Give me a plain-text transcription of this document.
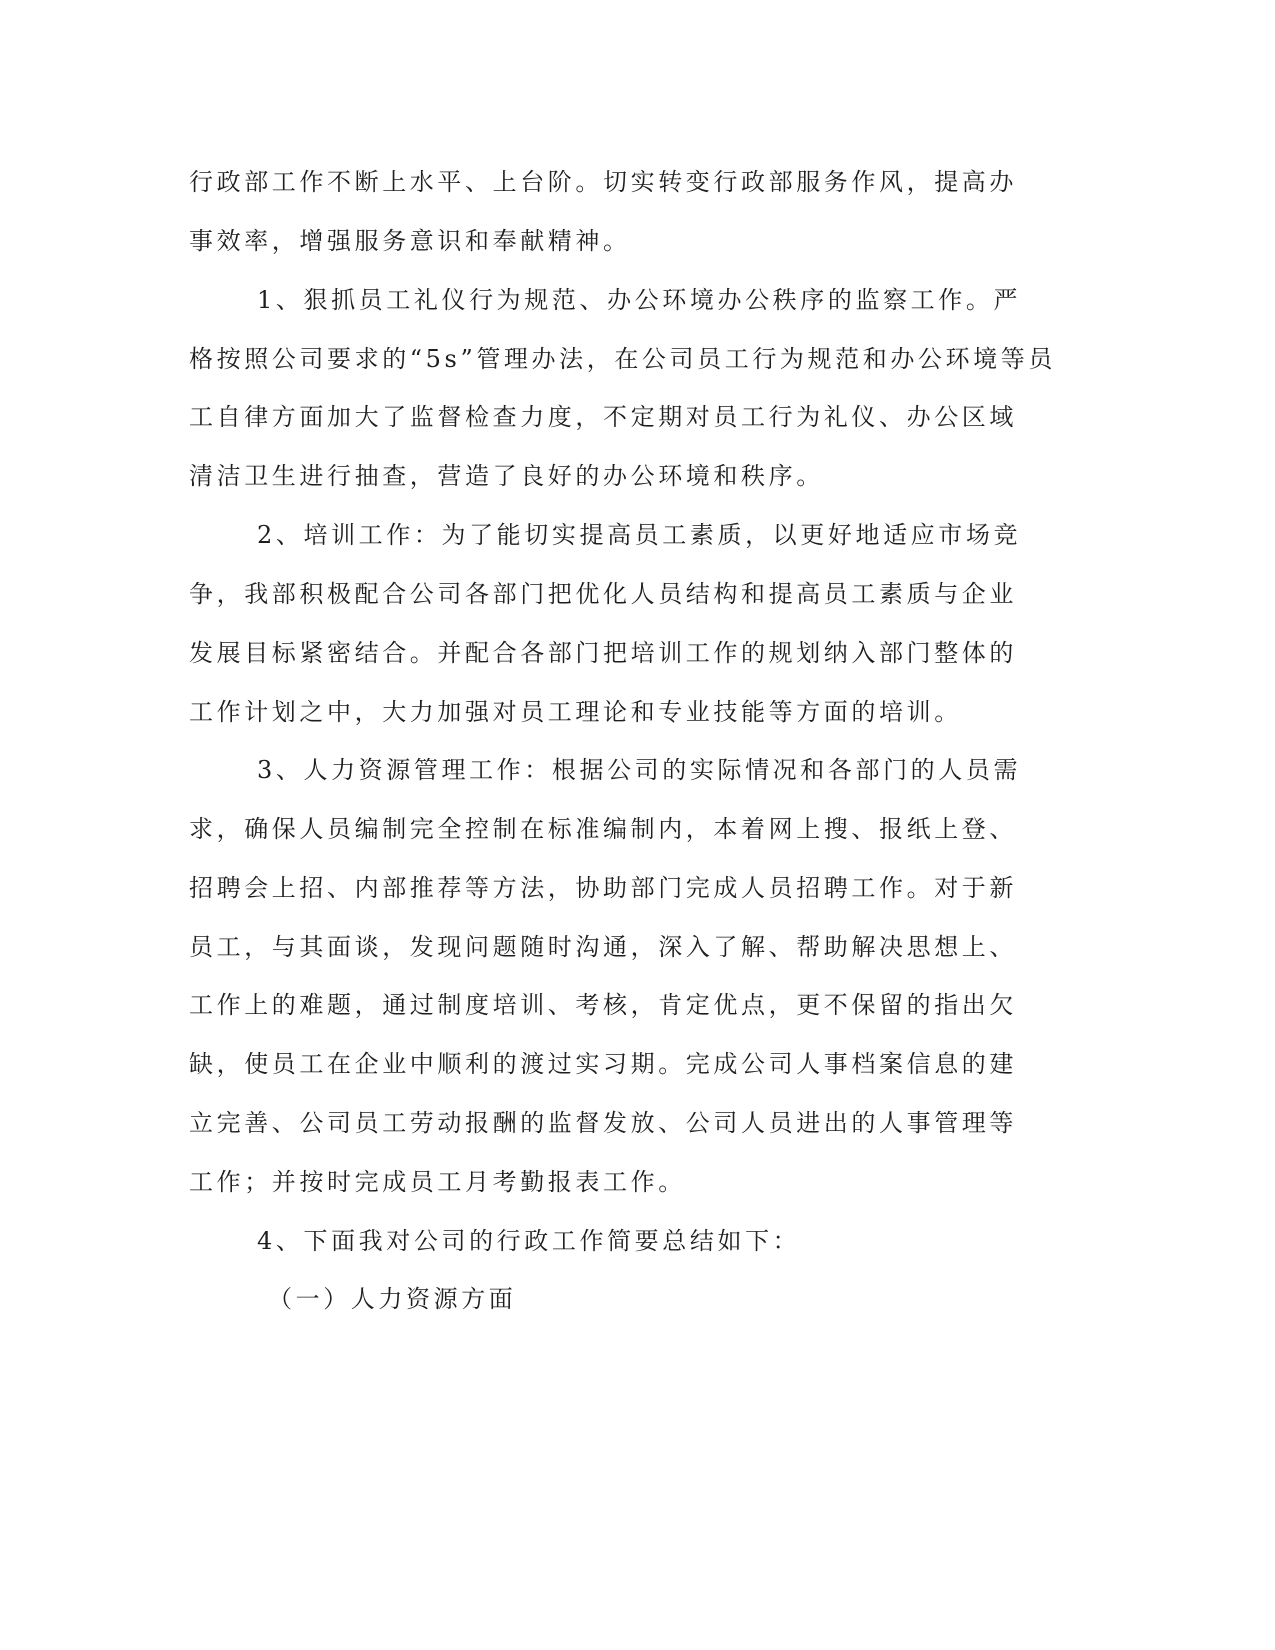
行政部工作不断上水平、上台阶。切实转变行政部服务作风，提高办

事效率，增强服务意识和奉献精神。

1、狠抓员工礼仪行为规范、办公环境办公秩序的监察工作。严

格按照公司要求的“5s”管理办法，在公司员工行为规范和办公环境等员

工自律方面加大了监督检查力度，不定期对员工行为礼仪、办公区域

清洁卫生进行抽查，营造了良好的办公环境和秩序。

2、培训工作：为了能切实提高员工素质，以更好地适应市场竞

争，我部积极配合公司各部门把优化人员结构和提高员工素质与企业

发展目标紧密结合。并配合各部门把培训工作的规划纳入部门整体的

工作计划之中，大力加强对员工理论和专业技能等方面的培训。

3、人力资源管理工作：根据公司的实际情况和各部门的人员需

求，确保人员编制完全控制在标准编制内，本着网上搜、报纸上登、

招聘会上招、内部推荐等方法，协助部门完成人员招聘工作。对于新

员工，与其面谈，发现问题随时沟通，深入了解、帮助解决思想上、

工作上的难题，通过制度培训、考核，肯定优点，更不保留的指出欠

缺，使员工在企业中顺利的渡过实习期。完成公司人事档案信息的建

立完善、公司员工劳动报酬的监督发放、公司人员进出的人事管理等

工作；并按时完成员工月考勤报表工作。

4、下面我对公司的行政工作简要总结如下：

（一）人力资源方面
